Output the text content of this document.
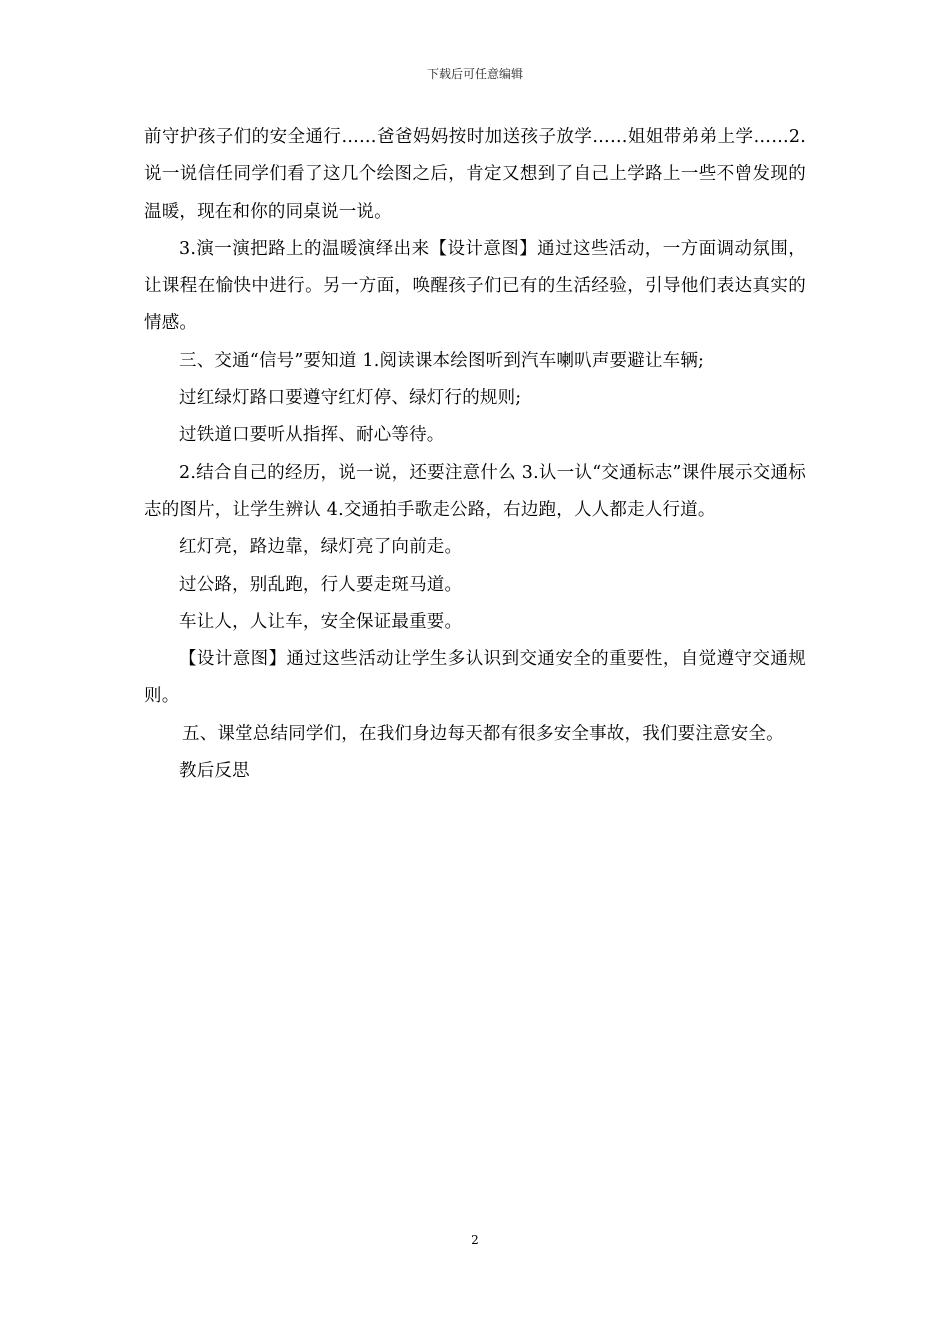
下载后可任意编辑

前守护孩子们的安全通行……爸爸妈妈按时加送孩子放学……姐姐带弟弟上学……2.说一说信任同学们看了这几个绘图之后，肯定又想到了自己上学路上一些不曾发现的温暖，现在和你的同桌说一说。

3.演一演把路上的温暖演绎出来【设计意图】通过这些活动，一方面调动氛围，让课程在愉快中进行。另一方面，唤醒孩子们已有的生活经验，引导他们表达真实的情感。

三、交通“信号”要知道 1.阅读课本绘图听到汽车喇叭声要避让车辆;

过红绿灯路口要遵守红灯停、绿灯行的规则;

过铁道口要听从指挥、耐心等待。

2.结合自己的经历，说一说，还要注意什么 3.认一认“交通标志”课件展示交通标志的图片，让学生辨认 4.交通拍手歌走公路，右边跑，人人都走人行道。

红灯亮，路边靠，绿灯亮了向前走。

过公路，别乱跑，行人要走斑马道。

车让人，人让车，安全保证最重要。

【设计意图】通过这些活动让学生多认识到交通安全的重要性，自觉遵守交通规则。

五、课堂总结同学们，在我们身边每天都有很多安全事故，我们要注意安全。

教后反思

2
